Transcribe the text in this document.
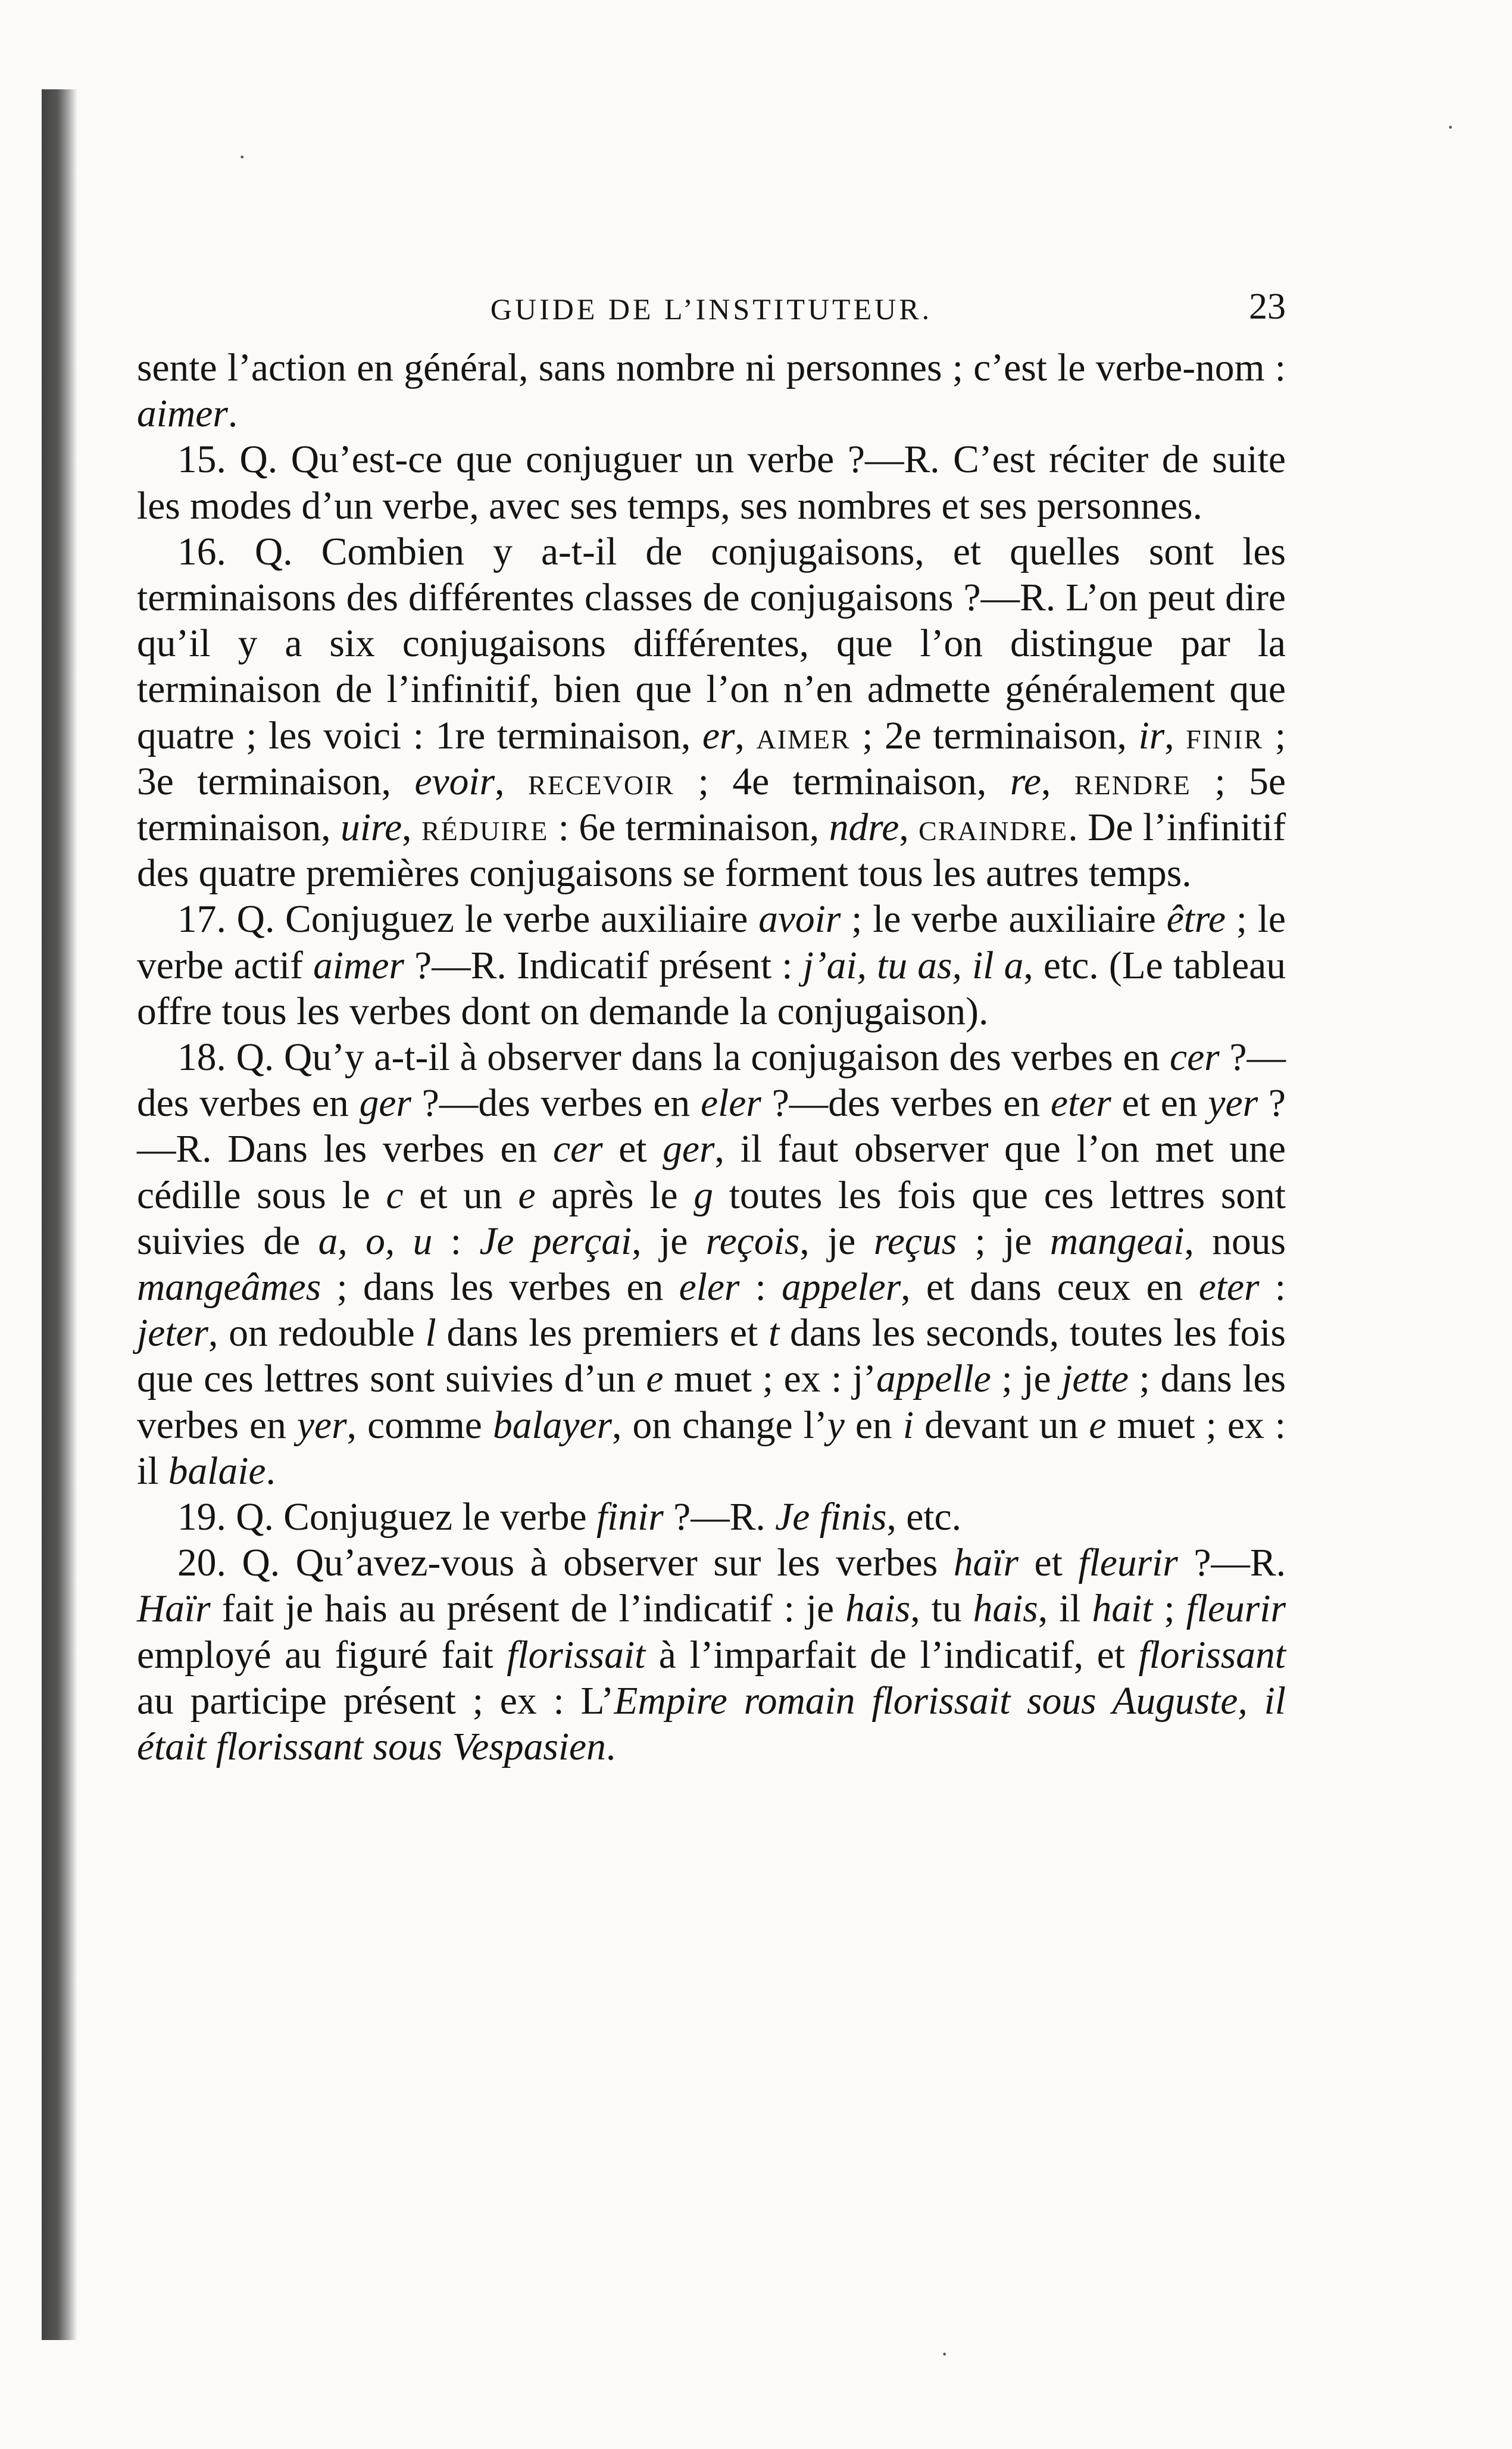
·
·
·
GUIDE DE L’INSTITUTEUR.	23

sente l’action en général, sans nombre ni personnes ; c’est le verbe-nom : aimer.

15. Q. Qu’est-ce que conjuguer un verbe ?—R. C’est réciter de suite les modes d’un verbe, avec ses temps, ses nombres et ses personnes.

16. Q. Combien y a-t-il de conjugaisons, et quelles sont les terminaisons des différentes classes de conjugaisons ?—R. L’on peut dire qu’il y a six conjugaisons différentes, que l’on distingue par la terminaison de l’infinitif, bien que l’on n’en admette généralement que quatre ; les voici : 1re terminaison, er, aimer ; 2e terminaison, ir, finir ; 3e terminaison, evoir, recevoir ; 4e terminaison, re, rendre ; 5e terminaison, uire, réduire : 6e terminaison, ndre, craindre. De l’infinitif des quatre premières conjugaisons se forment tous les autres temps.

17. Q. Conjuguez le verbe auxiliaire avoir ; le verbe auxiliaire être ; le verbe actif aimer ?—R. Indicatif présent : j’ai, tu as, il a, etc. (Le tableau offre tous les verbes dont on demande la conjugaison).

18. Q. Qu’y a-t-il à observer dans la conjugaison des verbes en cer ?—des verbes en ger ?—des verbes en eler ?—des verbes en eter et en yer ?—R. Dans les verbes en cer et ger, il faut observer que l’on met une cédille sous le c et un e après le g toutes les fois que ces lettres sont suivies de a, o, u : Je perçai, je reçois, je reçus ; je mangeai, nous mangeâmes ; dans les verbes en eler : appeler, et dans ceux en eter : jeter, on redouble l dans les premiers et t dans les seconds, toutes les fois que ces lettres sont suivies d’un e muet ; ex : j’appelle ; je jette ; dans les verbes en yer, comme balayer, on change l’y en i devant un e muet ; ex : il balaie.

19. Q. Conjuguez le verbe finir ?—R. Je finis, etc.

20. Q. Qu’avez-vous à observer sur les verbes haïr et fleurir ?—R. Haïr fait je hais au présent de l’indicatif : je hais, tu hais, il hait ; fleurir employé au figuré fait florissait à l’imparfait de l’indicatif, et florissant au participe présent ; ex : L’Empire romain florissait sous Auguste, il était florissant sous Vespasien.
